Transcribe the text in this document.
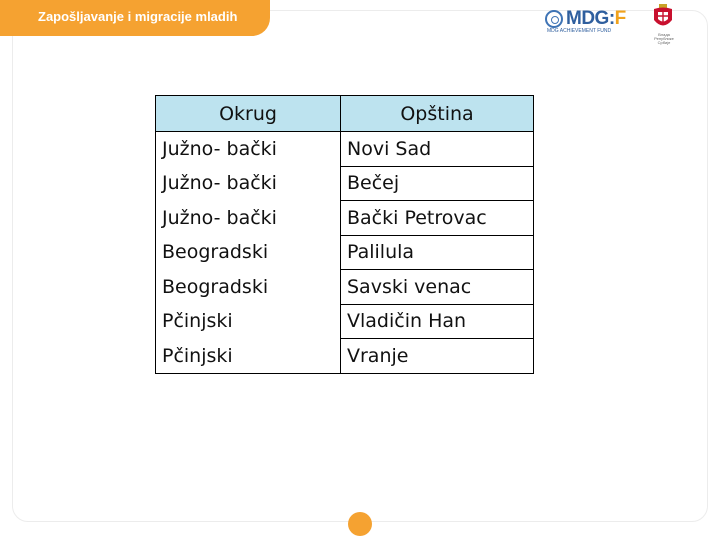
Zapošljavanje i migracije mladih	MDG:F
MDG ACHIEVEMENT FUND
Влада Републике Србије
Okrug	Opština
Južno- bački	Novi Sad
Južno- bački	Bečej
Južno- bački	Bački Petrovac
Beogradski	Palilula
Beogradski	Savski venac
Pčinjski	Vladičin Han
Pčinjski	Vranje
